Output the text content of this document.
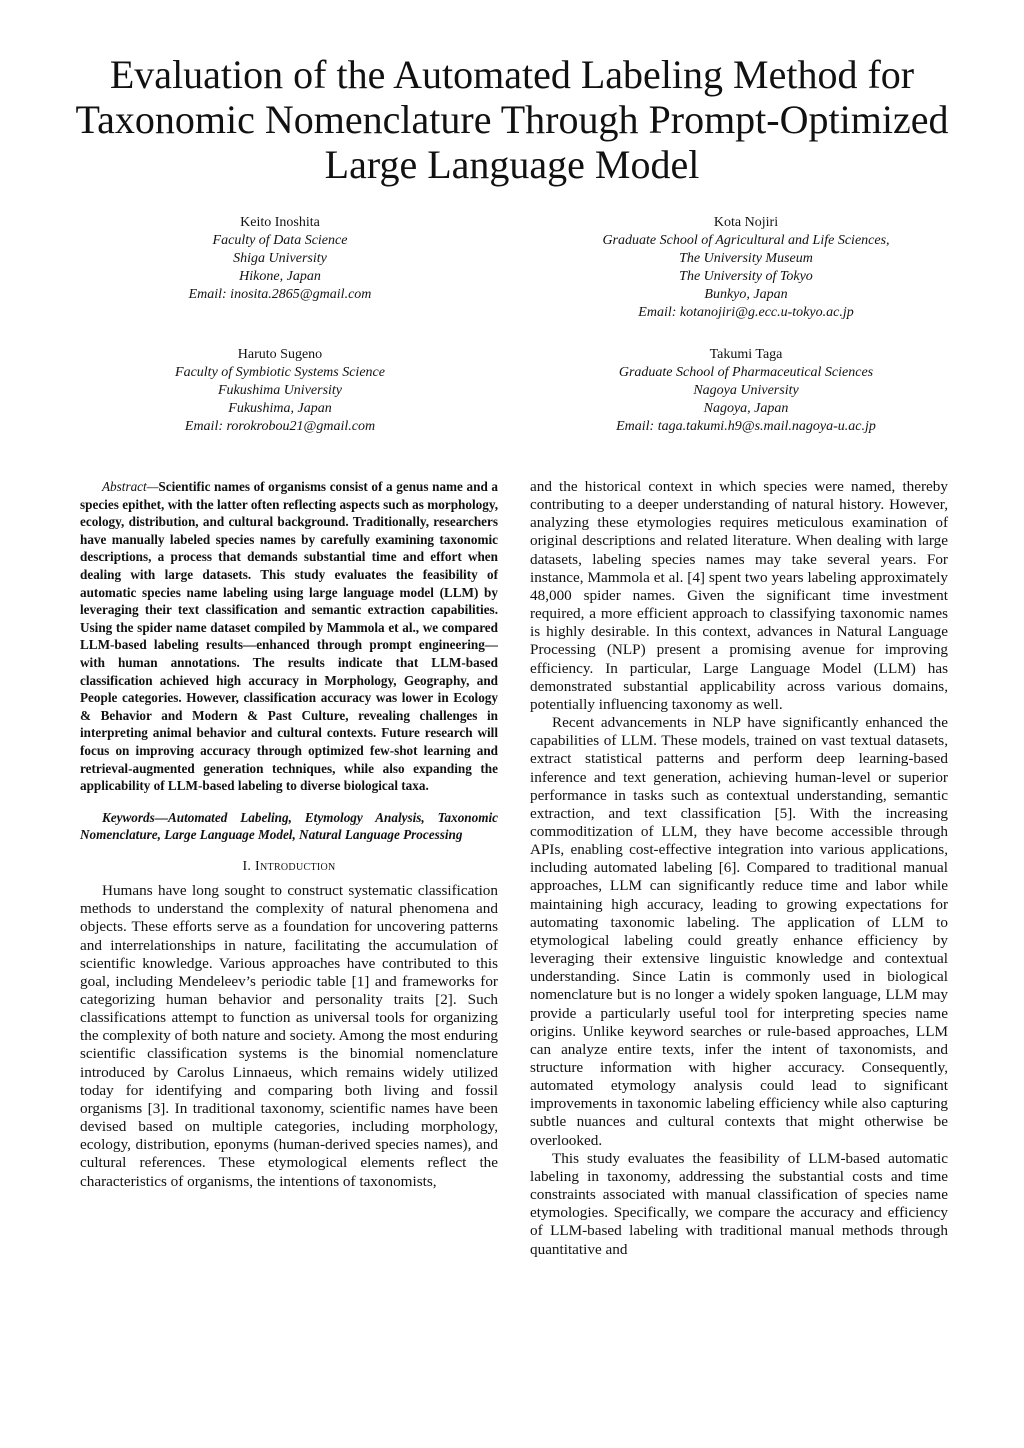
Evaluation of the Automated Labeling Method for Taxonomic Nomenclature Through Prompt-Optimized Large Language Model
Keito Inoshita
Faculty of Data Science
Shiga University
Hikone, Japan
Email: inosita.2865@gmail.com
Kota Nojiri
Graduate School of Agricultural and Life Sciences,
The University Museum
The University of Tokyo
Bunkyo, Japan
Email: kotanojiri@g.ecc.u-tokyo.ac.jp
Haruto Sugeno
Faculty of Symbiotic Systems Science
Fukushima University
Fukushima, Japan
Email: rorokrobou21@gmail.com
Takumi Taga
Graduate School of Pharmaceutical Sciences
Nagoya University
Nagoya, Japan
Email: taga.takumi.h9@s.mail.nagoya-u.ac.jp

Abstract—Scientific names of organisms consist of a genus name and a species epithet, with the latter often reflecting aspects such as morphology, ecology, distribution, and cultural background. Traditionally, researchers have manually labeled species names by carefully examining taxonomic descriptions, a process that demands substantial time and effort when dealing with large datasets. This study evaluates the feasibility of automatic species name labeling using large language model (LLM) by leveraging their text classification and semantic extraction capabilities. Using the spider name dataset compiled by Mammola et al., we compared LLM-based labeling results—enhanced through prompt engineering—with human annotations. The results indicate that LLM-based classification achieved high accuracy in Morphology, Geography, and People categories. However, classification accuracy was lower in Ecology & Behavior and Modern & Past Culture, revealing challenges in interpreting animal behavior and cultural contexts. Future research will focus on improving accuracy through optimized few-shot learning and retrieval-augmented generation techniques, while also expanding the applicability of LLM-based labeling to diverse biological taxa.

Keywords—Automated Labeling, Etymology Analysis, Taxonomic Nomenclature, Large Language Model, Natural Language Processing

I. Introduction

Humans have long sought to construct systematic classification methods to understand the complexity of natural phenomena and objects. These efforts serve as a foundation for uncovering patterns and interrelationships in nature, facilitating the accumulation of scientific knowledge. Various approaches have contributed to this goal, including Mendeleev’s periodic table [1] and frameworks for categorizing human behavior and personality traits [2]. Such classifications attempt to function as universal tools for organizing the complexity of both nature and society. Among the most enduring scientific classification systems is the binomial nomenclature introduced by Carolus Linnaeus, which remains widely utilized today for identifying and comparing both living and fossil organisms [3]. In traditional taxonomy, scientific names have been devised based on multiple categories, including morphology, ecology, distribution, eponyms (human-derived species names), and cultural references. These etymological elements reflect the characteristics of organisms, the intentions of taxonomists,

and the historical context in which species were named, thereby contributing to a deeper understanding of natural history. However, analyzing these etymologies requires meticulous examination of original descriptions and related literature. When dealing with large datasets, labeling species names may take several years. For instance, Mammola et al. [4] spent two years labeling approximately 48,000 spider names. Given the significant time investment required, a more efficient approach to classifying taxonomic names is highly desirable. In this context, advances in Natural Language Processing (NLP) present a promising avenue for improving efficiency. In particular, Large Language Model (LLM) has demonstrated substantial applicability across various domains, potentially influencing taxonomy as well.

Recent advancements in NLP have significantly enhanced the capabilities of LLM. These models, trained on vast textual datasets, extract statistical patterns and perform deep learning-based inference and text generation, achieving human-level or superior performance in tasks such as contextual understanding, semantic extraction, and text classification [5]. With the increasing commoditization of LLM, they have become accessible through APIs, enabling cost-effective integration into various applications, including automated labeling [6]. Compared to traditional manual approaches, LLM can significantly reduce time and labor while maintaining high accuracy, leading to growing expectations for automating taxonomic labeling. The application of LLM to etymological labeling could greatly enhance efficiency by leveraging their extensive linguistic knowledge and contextual understanding. Since Latin is commonly used in biological nomenclature but is no longer a widely spoken language, LLM may provide a particularly useful tool for interpreting species name origins. Unlike keyword searches or rule-based approaches, LLM can analyze entire texts, infer the intent of taxonomists, and structure information with higher accuracy. Consequently, automated etymology analysis could lead to significant improvements in taxonomic labeling efficiency while also capturing subtle nuances and cultural contexts that might otherwise be overlooked.

This study evaluates the feasibility of LLM-based automatic labeling in taxonomy, addressing the substantial costs and time constraints associated with manual classification of species name etymologies. Specifically, we compare the accuracy and efficiency of LLM-based labeling with traditional manual methods through quantitative and
